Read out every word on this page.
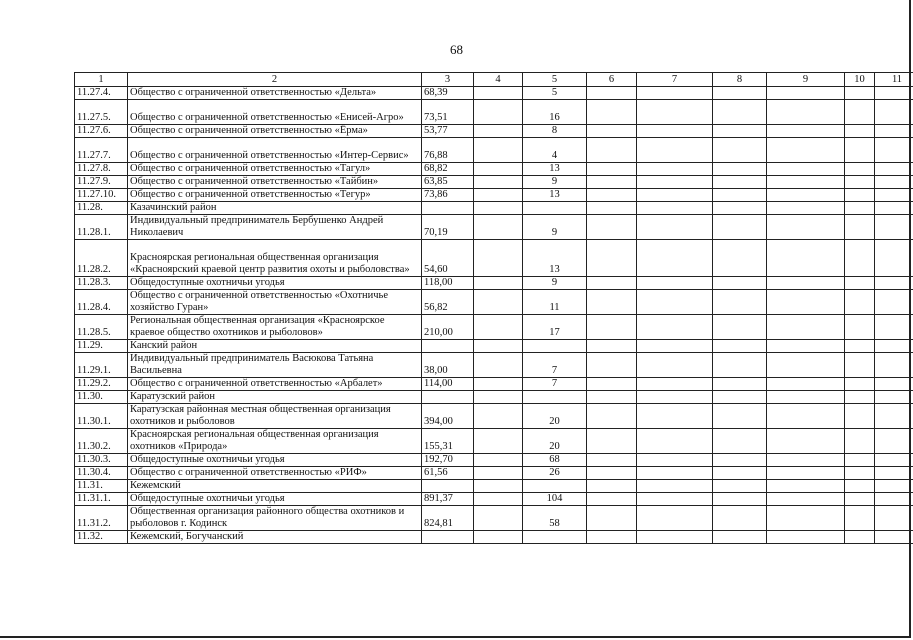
68
1	2	3	4	5	6	7	8	9	10	11
11.27.4.	Общество с ограниченной ответственностью «Дельта»	68,39		5						
11.27.5.	Общество с ограниченной ответственностью «Енисей-Агро»	73,51		16						
11.27.6.	Общество с ограниченной ответственностью «Ёрма»	53,77		8						
11.27.7.	Общество с ограниченной ответственностью «Интер-Сервис»	76,88		4						
11.27.8.	Общество с ограниченной ответственностью «Тагул»	68,82		13						
11.27.9.	Общество с ограниченной ответственностью «Тайбин»	63,85		9						
11.27.10.	Общество с ограниченной ответственностью «Тегур»	73,86		13						
11.28.	Казачинский район									
11.28.1.	Индивидуальный предприниматель Бербушенко Андрей Николаевич	70,19		9						
11.28.2.	Красноярская региональная общественная организация «Красноярский краевой центр развития охоты и рыболовства»	54,60		13						
11.28.3.	Общедоступные охотничьи угодья	118,00		9						
11.28.4.	Общество с ограниченной ответственностью «Охотничье хозяйство Гуран»	56,82		11						
11.28.5.	Региональная общественная организация «Красноярское краевое общество охотников и рыболовов»	210,00		17						
11.29.	Канский район									
11.29.1.	Индивидуальный предприниматель Васюкова Татьяна Васильевна	38,00		7						
11.29.2.	Общество с ограниченной ответственностью «Арбалет»	114,00		7						
11.30.	Каратузский район									
11.30.1.	Каратузская районная местная общественная организация охотников и рыболовов	394,00		20						
11.30.2.	Красноярская региональная общественная организация охотников «Природа»	155,31		20						
11.30.3.	Общедоступные охотничьи угодья	192,70		68						
11.30.4.	Общество с ограниченной ответственностью «РИФ»	61,56		26						
11.31.	Кежемский									
11.31.1.	Общедоступные охотничьи угодья	891,37		104						
11.31.2.	Общественная организация районного общества охотников и рыболовов г. Кодинск	824,81		58						
11.32.	Кежемский, Богучанский									
